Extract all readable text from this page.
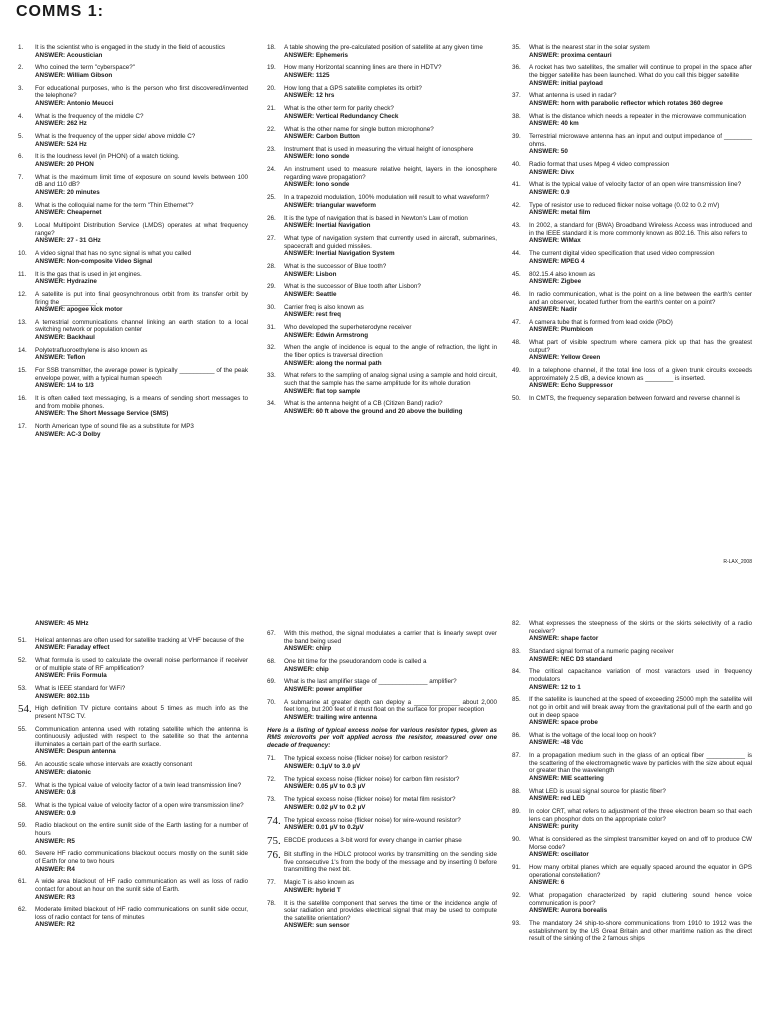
COMMS 1:
1.	It is the scientist who is engaged in the study in the field of acoustics
ANSWER: Acoustician
2.	Who coined the term "cyberspace?"
ANSWER: William Gibson
3.	For educational purposes, who is the person who first discovered/invented the telephone?
ANSWER: Antonio Meucci
4.	What is the frequency of the middle C?
ANSWER: 262 Hz
5.	What is the frequency of the upper side/ above middle C?
ANSWER: 524 Hz
6.	It is the loudness level (in PHON) of a watch ticking.
ANSWER: 20 PHON
7.	What is the maximum limit time of exposure on sound levels between 100 dB and 110 dB?
ANSWER: 20 minutes
8.	What is the colloquial name for the term "Thin Ethernet"?
ANSWER: Cheapernet
9.	Local Multipoint Distribution Service (LMDS) operates at what frequency range?
ANSWER: 27 - 31 GHz
10.	A video signal that has no sync signal is what you called
ANSWER: Non-composite Video Signal
11.	It is the gas that is used in jet engines.
ANSWER: Hydrazine
12.	A satellite is put into final geosynchronous orbit from its transfer orbit by firing the __________.
ANSWER: apogee kick motor
13.	A terrestrial communications channel linking an earth station to a local switching network or population center
ANSWER: Backhaul
14.	Polytetrafluoroethylene is also known as
ANSWER: Teflon
15.	For SSB transmitter, the average power is typically __________ of the peak envelope power, with a typical human speech
ANSWER: 1/4 to 1/3
16.	It is often called text messaging, is a means of sending short messages to and from mobile phones.
ANSWER: The Short Message Service (SMS)
17.	North American type of sound file as a substitute for MP3
ANSWER: AC-3 Dolby
18.	A table showing the pre-calculated position of satellite at any given time
ANSWER: Ephemeris
19.	How many Horizontal scanning lines are there in HDTV?
ANSWER: 1125
20.	How long that a GPS satellite completes its orbit?
ANSWER: 12 hrs
21.	What is the other term for parity check?
ANSWER: Vertical Redundancy Check
22.	What is the other name for single button microphone?
ANSWER: Carbon Button
23.	Instrument that is used in measuring the virtual height of ionosphere
ANSWER: Iono sonde
24.	An instrument used to measure relative height, layers in the ionosphere regarding wave propagation?
ANSWER: Iono sonde
25.	In a trapezoid modulation, 100% modulation will result to what waveform?
ANSWER: triangular waveform
26.	It is the type of navigation that is based in Newton's Law of motion
ANSWER: Inertial Navigation
27.	What type of navigation system that currently used in aircraft, submarines, spacecraft and guided missiles.
ANSWER: Inertial Navigation System
28.	What is the successor of Blue tooth?
ANSWER: Lisbon
29.	What is the successor of Blue tooth after Lisbon?
ANSWER: Seattle
30.	Carrier freq is also known as
ANSWER: rest freq
31.	Who developed the superheterodyne receiver
ANSWER: Edwin Armstrong
32.	When the angle of incidence is equal to the angle of refraction, the light in the fiber optics is traversal direction
ANSWER: along the normal path
33.	What refers to the sampling of analog signal using a sample and hold circuit, such that the sample has the same amplitude for its whole duration
ANSWER: flat top sample
34.	What is the antenna height of a CB (Citizen Band) radio?
ANSWER: 60 ft above the ground and 20 above the building
35.	What is the nearest star in the solar system
ANSWER: proxima centauri
36.	A rocket has two satellites, the smaller will continue to propel in the space after the bigger satellite has been launched. What do you call this bigger satellite
ANSWER: initial payload
37.	What antenna is used in radar?
ANSWER: horn with parabolic reflector which rotates 360 degree
38.	What is the distance which needs a repeater in the microwave communication
ANSWER: 40 km
39.	Terrestrial microwave antenna has an input and output impedance of ________ ohms.
ANSWER: 50
40.	Radio format that uses Mpeg 4 video compression
ANSWER: Divx
41.	What is the typical value of velocity factor of an open wire transmission line?
ANSWER: 0.9
42.	Type of resistor use to reduced flicker noise voltage (0.02 to 0.2 mV)
ANSWER: metal film
43.	In 2002, a standard for (BWA) Broadband Wireless Access was introduced and in the IEEE standard it is more commonly known as 802.16. This also refers to
ANSWER: WiMax
44.	The current digital video specification that used video compression
ANSWER: MPEG 4
45.	802.15.4 also known as
ANSWER: Zigbee
46.	In radio communication, what is the point on a line between the earth's center and an observer, located further from the earth's center on a point?
ANSWER: Nadir
47.	A camera tube that is formed from lead oxide (PbO)
ANSWER: Plumbicon
48.	What part of visible spectrum where camera pick up that has the greatest output?
ANSWER: Yellow Green
49.	In a telephone channel, if the total line loss of a given trunk circuits exceeds approximately 2.5 dB, a device known as ________ is inserted.
ANSWER: Echo Suppressor
50.	In CMTS, the frequency separation between forward and reverse channel is
R-LAX_2008
ANSWER: 45 MHz
51.	Helical antennas are often used for satellite tracking at VHF because of the
ANSWER: Faraday effect
52.	What formula is used to calculate the overall noise performance if receiver or of multiple state of RF amplification?
ANSWER: Friis Formula
53.	What is IEEE standard for WiFi?
ANSWER: 802.11b
54. High definition TV picture contains about 5 times as much info as the present NTSC TV.
55.	Communication antenna used with rotating satellite which the antenna is continuously adjusted with respect to the satellite so that the antenna illuminates a certain part of the earth surface.
ANSWER: Despun antenna
56.	An acoustic scale whose intervals are exactly consonant
ANSWER: diatonic
57.	What is the typical value of velocity factor of a twin lead transmission line?
ANSWER: 0.8
58.	What is the typical value of velocity factor of a open wire transmission line?
ANSWER: 0.9
59.	Radio blackout on the entire sunlit side of the Earth lasting for a number of hours
ANSWER: R5
60.	Severe HF radio communications blackout occurs mostly on the sunlit side of Earth for one to two hours
ANSWER: R4
61.	A wide area blackout of HF radio communication as well as loss of radio contact for about an hour on the sunlit side of Earth.
ANSWER: R3
62.	Moderate limited blackout of HF radio communications on sunlit side occur, loss of radio contact for tens of minutes
ANSWER: R2
67.	With this method, the signal modulates a carrier that is linearly swept over the band being used
ANSWER: chirp
68.	One bit time for the pseudorandom code is called a
ANSWER: chip
69.	What is the last amplifier stage of ______________ amplifier?
ANSWER: power amplifier
70.	A submarine at greater depth can deploy a _____________ about 2,000 feet long, but 200 feet of it must float on the surface for proper reception
ANSWER: trailing wire antenna
Here is a listing of typical excess noise for various resistor types, given as RMS microvolts per volt applied across the resistor, measured over one decade of frequency:
71.	The typical excess noise (flicker noise) for carbon resistor?
ANSWER: 0.1µV to 3.0 µV
72.	The typical excess noise (flicker noise) for carbon film resistor?
ANSWER: 0.05 µV to 0.3 µV
73.	The typical excess noise (flicker noise) for metal film resistor?
ANSWER: 0.02 µV to 0.2 µV
74. The typical excess noise (flicker noise) for wire-wound resistor?
ANSWER: 0.01 µV to 0.2µV
75. EBCDE produces a 3-bit word for every change in carrier phase
76. Bit stuffing in the HDLC protocol works by transmitting on the sending side five consecutive 1's from the body of the message and by inserting 0 before transmitting the next bit.
77.	Magic T is also known as
ANSWER: hybrid T
78.	It is the satellite component that serves the time or the incidence angle of solar radiation and provides electrical signal that may be used to compute the satellite orientation?
ANSWER: sun sensor
82.	What expresses the steepness of the skirts or the skirts selectivity of a radio receiver?
ANSWER: shape factor
83.	Standard signal format of a numeric paging receiver
ANSWER: NEC D3 standard
84.	The critical capacitance variation of most varactors used in frequency modulators
ANSWER: 12 to 1
85.	If the satellite is launched at the speed of exceeding 25000 mph the satellite will not go in orbit and will break away from the gravitational pull of the earth and go out in deep space
ANSWER: space probe
86.	What is the voltage of the local loop on hook?
ANSWER: -48 Vdc
87.	In a propagation medium such in the glass of an optical fiber ___________ is the scattering of the electromagnetic wave by particles with the size about equal or greater than the wavelength
ANSWER: MIE scattering
88.	What LED is usual signal source for plastic fiber?
ANSWER: red LED
89.	In color CRT, what refers to adjustment of the three electron beam so that each lens can phosphor dots on the appropriate color?
ANSWER: purity
90.	What is considered as the simplest transmitter keyed on and off to produce CW Morse code?
ANSWER: oscillator
91.	How many orbital planes which are equally spaced around the equator in GPS operational constellation?
ANSWER: 6
92.	What propagation characterized by rapid cluttering sound hence voice communication is poor?
ANSWER: Aurora borealis
93.	The mandatory 24 ship-to-shore communications from 1910 to 1912 was the establishment by the US Great Britain and other maritime nation as the direct result of the sinking of the 2 famous ships
